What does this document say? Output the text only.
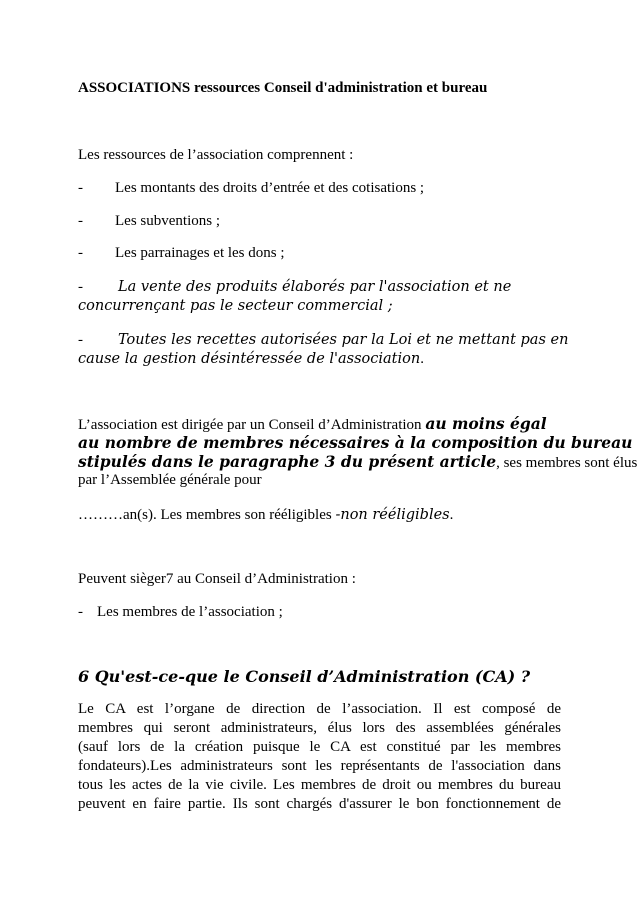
ASSOCIATIONS ressources Conseil d'administration et bureau
Les ressources de l’association comprennent :
- Les montants des droits d’entrée et des cotisations ;
- Les subventions ;
- Les parrainages et les dons ;
- La vente des produits élaborés par l'association et ne
concurrençant pas le secteur commercial ;
- Toutes les recettes autorisées par la Loi et ne mettant pas en
cause la gestion désintéressée de l'association.
L’association est dirigée par un Conseil d’Administration au moins égal
au nombre de membres nécessaires à la composition du bureau
stipulés dans le paragraphe 3 du présent article, ses membres sont élus
par l’Assemblée générale pour
………an(s). Les membres son rééligibles -non rééligibles.
Peuvent sièger7 au Conseil d’Administration :
- Les membres de l’association ;
6 Qu'est-ce-que le Conseil d’Administration (CA) ?
Le CA est l’organe de direction de l’association. Il est composé de
membres qui seront administrateurs, élus lors des assemblées générales
(sauf lors de la création puisque le CA est constitué par les membres
fondateurs).Les administrateurs sont les représentants de l'association dans
tous les actes de la vie civile. Les membres de droit ou membres du bureau
peuvent en faire partie. Ils sont chargés d'assurer le bon fonctionnement de
